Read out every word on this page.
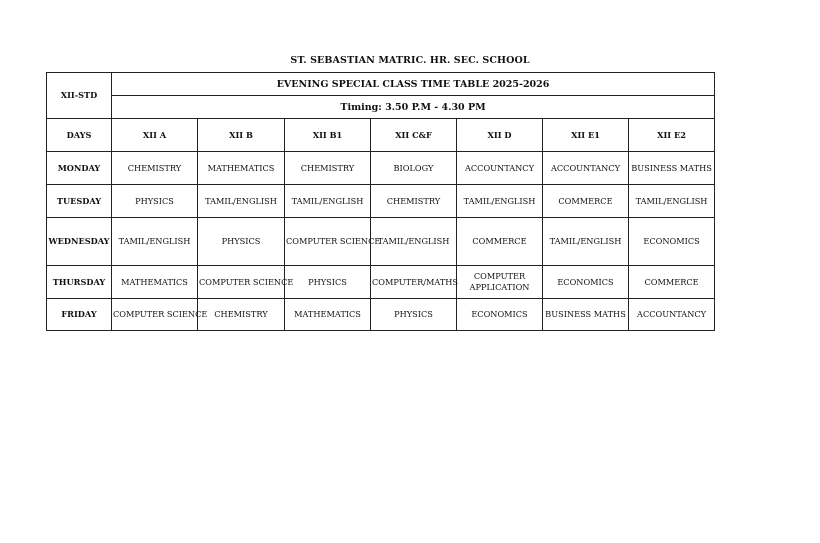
ST. SEBASTIAN MATRIC. HR. SEC. SCHOOL
XII-STD	EVENING SPECIAL CLASS TIME TABLE 2025-2026						
	Timing: 3.50 P.M - 4.30 PM						
DAYS	XII A	XII B	XII B1	XII C&F	XII D	XII E1	XII E2
MONDAY	CHEMISTRY	MATHEMATICS	CHEMISTRY	BIOLOGY	ACCOUNTANCY	ACCOUNTANCY	BUSINESS MATHS
TUESDAY	PHYSICS	TAMIL/ENGLISH	TAMIL/ENGLISH	CHEMISTRY	TAMIL/ENGLISH	COMMERCE	TAMIL/ENGLISH
WEDNESDAY	TAMIL/ENGLISH	PHYSICS	COMPUTER SCIENCE	TAMIL/ENGLISH	COMMERCE	TAMIL/ENGLISH	ECONOMICS
THURSDAY	MATHEMATICS	COMPUTER SCIENCE	PHYSICS	COMPUTER/MATHS	COMPUTER APPLICATION	ECONOMICS	COMMERCE
FRIDAY	COMPUTER SCIENCE	CHEMISTRY	MATHEMATICS	PHYSICS	ECONOMICS	BUSINESS MATHS	ACCOUNTANCY
